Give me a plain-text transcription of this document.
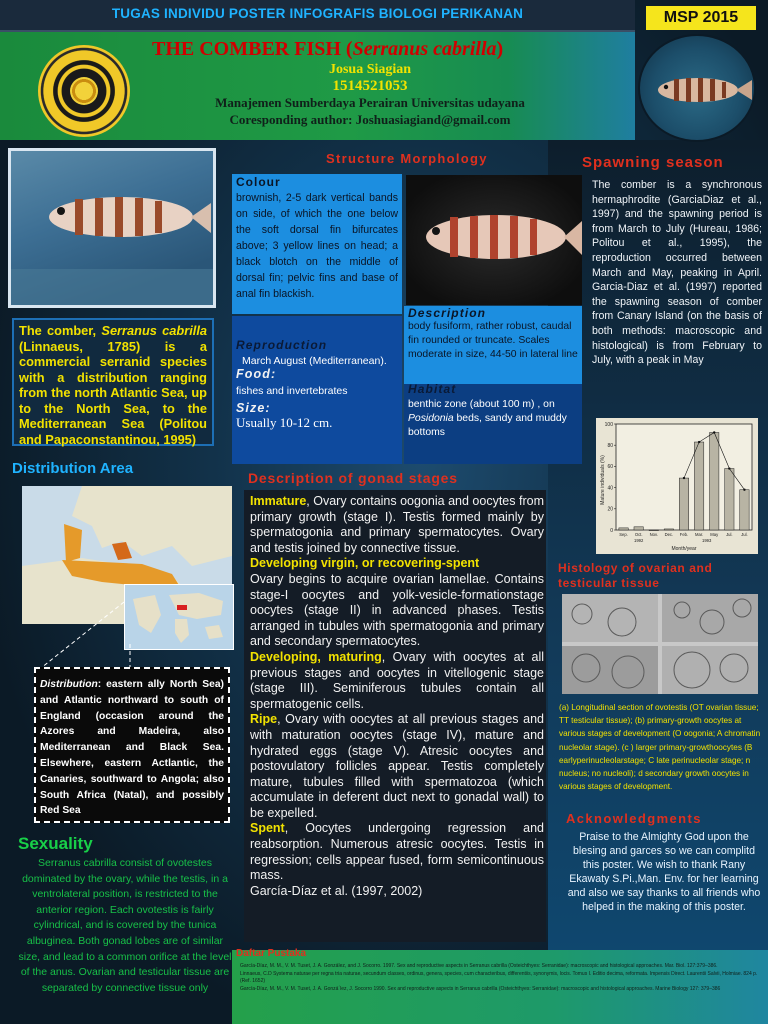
TUGAS INDIVIDU POSTER INFOGRAFIS BIOLOGI PERIKANAN	MSP 2015
THE COMBER FISH (Serranus cabrilla)
Josua Siagian
1514521053
Manajemen Sumberdaya Perairan Universitas udayana
Coresponding author: Joshuasiagiand@gmail.com
The comber, Serranus cabrilla (Linnaeus, 1785) is a commercial serranid species with a distribution ranging from the north Atlantic Sea, up to the North Sea, to the Mediterranean Sea (Politou and Papaconstantinou, 1995)
Structure Morphology
Colour
brownish, 2-5 dark vertical bands on side, of which the one below the soft dorsal fin bifurcates above; 3 yellow lines on head; a black blotch on the middle of dorsal fin; pelvic fins and base of anal fin blackish.
Reproduction
March August (Mediterranean).
Food:
fishes and invertebrates
Size:
Usually 10-12 cm.
Description
body fusiform, rather robust, caudal fin rounded or truncate. Scales moderate in size, 44-50 in lateral line
Habitat
benthic zone (about 100 m) , on Posidonia beds, sandy and muddy bottoms
Spawning season
The comber is a synchronous hermaphrodite (GarciaDiaz et al., 1997) and the spawning period is from March to July (Hureau, 1986; Politou et al., 1995), the reproduction occurred between March and May, peaking in April. Garcia-Diaz et al. (1997) reported the spawning season of comber from Canary Island (on the basis of both methods: macroscopic and histological) is from February to July, with a peak in May
Mature individuals (%)
Month/year
0
20
40
60
80
100
Sep. Oct. Nov. Dec. Feb. Mar. May Jul. Jul.
1992	1993
Distribution Area
Distribution: eastern ally North Sea) and Atlantic northward to south of England (occasion around the Azores and Madeira, also Mediterranean and Black Sea. Elsewhere, eastern Actlantic, the Canaries, southward to Angola; also South Africa (Natal), and possibly Red Sea
Sexuality
Serranus cabrilla consist of ovotestes dominated by the ovary, while the testis, in a ventrolateral position, is restricted to the anterior region. Each ovotestis is fairly cylindrical, and is covered by the tunica albuginea. Both gonad lobes are of similar size, and lead to a common orifice at the level of the anus. Ovarian and testicular tissue are separated by connective tissue only
Description of gonad stages
Immature, Ovary contains oogonia and oocytes from primary growth (stage I). Testis formed mainly by spermatogonia and primary spermatocytes. Ovary and testis joined by connective tissue.
Developing virgin, or recovering-spent
Ovary begins to acquire ovarian lamellae. Contains stage-I oocytes and yolk-vesicle-formationstage oocytes (stage II) in advanced phases. Testis arranged in tubules with spermatogonia and primary and secondary spermatocytes.
Developing, maturing, Ovary with oocytes at all previous stages and oocytes in vitellogenic stage (stage III). Seminiferous tubules contain all spermatogenic cells.
Ripe, Ovary with oocytes at all previous stages and with maturation oocytes (stage IV), mature and hydrated eggs (stage V). Atresic oocytes and postovulatory follicles appear. Testis completely mature, tubules filled with spermatozoa (which accumulate in deferent duct next to gonadal wall) to be expelled.
Spent, Oocytes undergoing regression and reabsorption. Numerous atresic oocytes. Testis in regression; cells appear fused, form semicontinuous mass.
García-Díaz et al. (1997, 2002)
Histology of ovarian and testicular tissue
(a) Longitudinal section of ovotestis (OT ovarian tissue; TT testicular tissue); (b) primary-growth oocytes at various stages of development (O oogonia; A chromatin nucleolar stage). (c ) larger primary-growthoocytes (B earlyperinucleolarstage; C late perinucleolar stage; n nucleus; no nucleoli); d secondary growth oocytes in various stages of development.
Acknowledgments
Praise to the Almighty God upon the blesing and garces so we can complitd this poster. We wish to thank Rany Ekawaty S.Pi.,Man. Env. for her learning and also we say thanks to all friends who helped in the making of this poster.
Daftar Pustaka
García-Díaz, M. M., V. M. Tuset, J. A. González, and J. Socorro. 1997. Sex and reproductive aspects in Serranus cabrilla (Osteichthyes: Serranidae): macroscopic and histological approaches. Mar. Biol. 127:379–386.
Linnaeus, C.D Systema naturae per regna tria naturae, secundum classes, ordinus, genera, species, cum characteribus, differentiis, synonymis, locis. Tomus I. Editio decima, reformata. Impensis Direct. Laurentii Salvii, Holmiae. 824 p. (Ref. 1652)
García-Díaz, M. M., V. M. Tuset, J. A. Gonzá´lez, J. Socorro 1990. Sex and reproductive aspects in Serranus cabrilla (Osteichthyes: Serranidae): macroscopic and histological approaches. Marine Biology 127: 379–386
